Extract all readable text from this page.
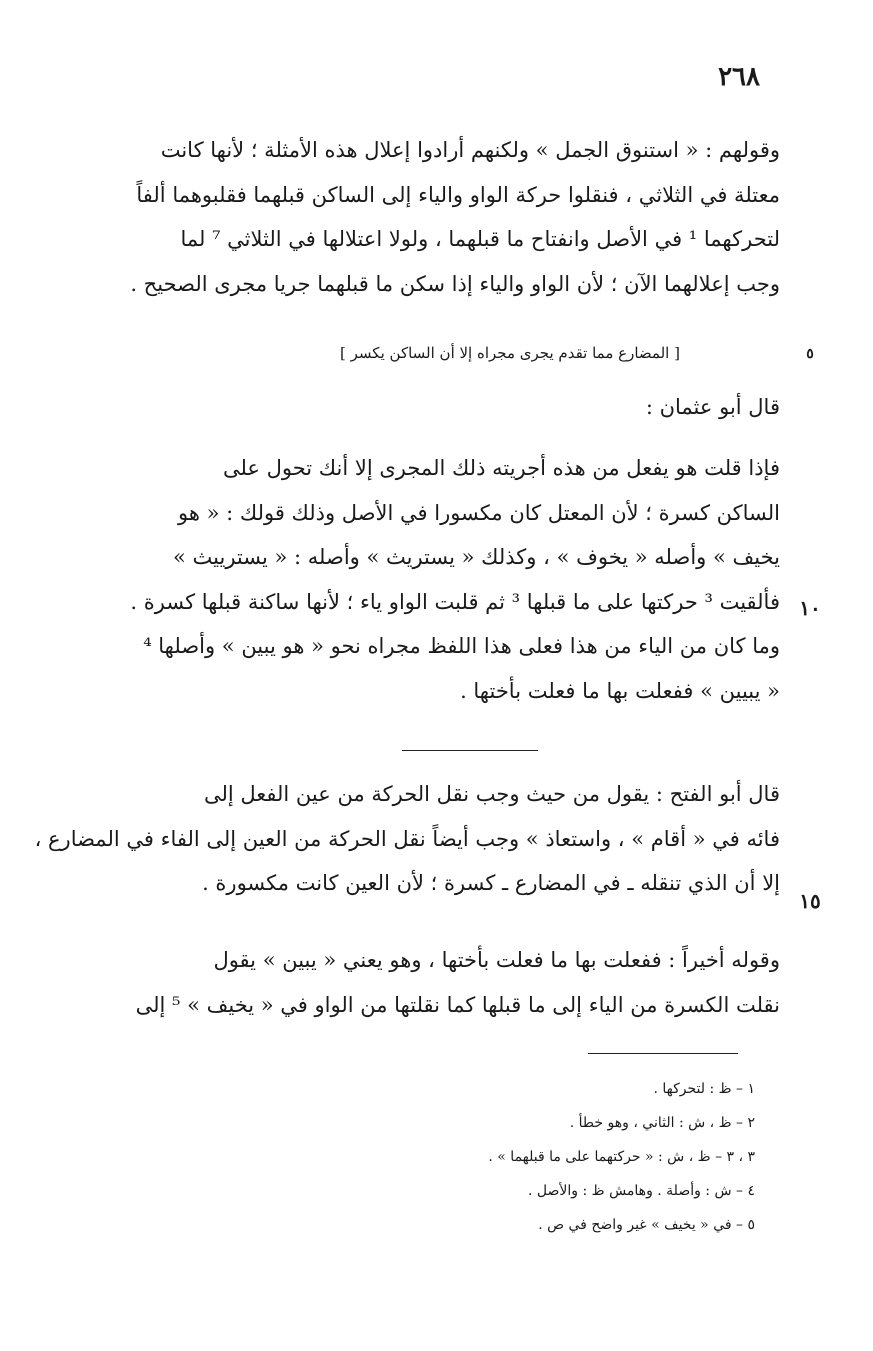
٢٦٨
وقولهم : « استنوق الجمل » ولكنهم أرادوا إعلال هذه الأمثلة ؛ لأنها كانت
معتلة في الثلاثي ، فنقلوا حركة الواو والياء إلى الساكن قبلهما فقلبوهما ألفاً
لتحركهما ¹ في الأصل وانفتاح ما قبلهما ، ولولا اعتلالها في الثلاثي ⁷ لما
وجب إعلالهما الآن ؛ لأن الواو والياء إذا سكن ما قبلهما جريا مجرى الصحيح .
٥
[ المضارع مما تقدم يجرى مجراه إلا أن الساكن يكسر ]
قال أبو عثمان :
فإذا قلت هو يفعل من هذه أجريته ذلك المجرى إلا أنك تحول على
الساكن كسرة ؛ لأن المعتل كان مكسورا في الأصل وذلك قولك : « هو
يخيف » وأصله « يخوف » ، وكذلك « يستريث » وأصله : « يسترييث »
فألقيت ³ حركتها على ما قبلها ³ ثم قلبت الواو ياء ؛ لأنها ساكنة قبلها كسرة .
وما كان من الياء من هذا فعلى هذا اللفظ مجراه نحو « هو يبين » وأصلها ⁴
« يبيين » ففعلت بها ما فعلت بأختها .
١٠
قال أبو الفتح : يقول من حيث وجب نقل الحركة من عين الفعل إلى
فائه في « أقام » ، واستعاذ » وجب أيضاً نقل الحركة من العين إلى الفاء في المضارع ،
إلا أن الذي تنقله ـ في المضارع ـ كسرة ؛ لأن العين كانت مكسورة .
١٥
وقوله أخيراً : ففعلت بها ما فعلت بأختها ، وهو يعني « يبين » يقول
نقلت الكسرة من الياء إلى ما قبلها كما نقلتها من الواو في « يخيف » ⁵ إلى
١ – ظ : لتحركها .
٢ – ظ ، ش : الثاني ، وهو خطأ .
٣ ، ٣ – ظ ، ش : « حركتهما على ما قبلهما » .
٤ – ش : وأصلة . وهامش ظ : والأصل .
٥ – في « يخيف » غير واضح في ص .
